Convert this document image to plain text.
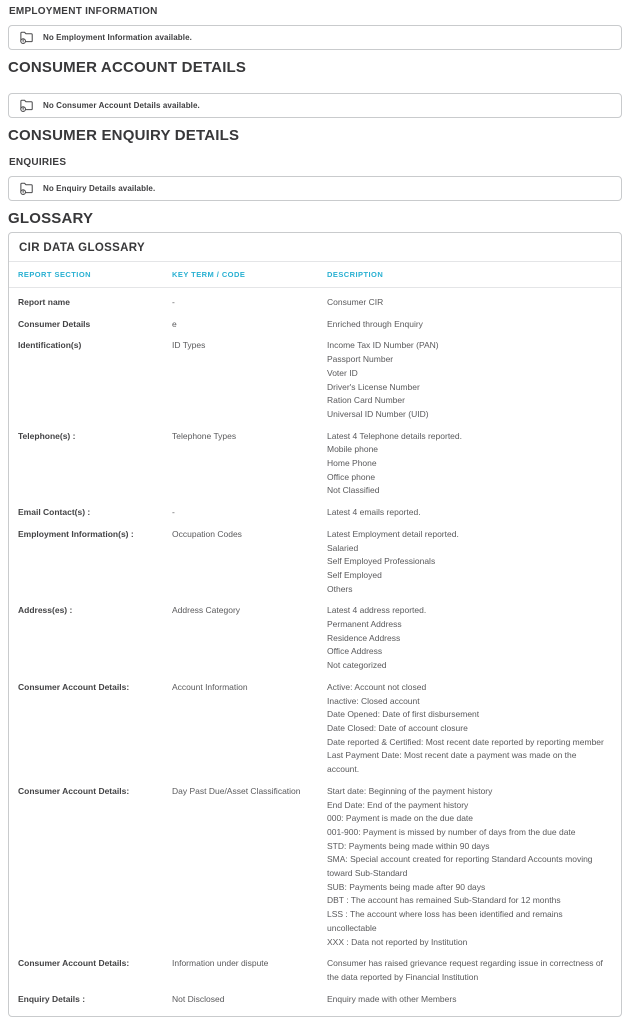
EMPLOYMENT INFORMATION
No Employment Information available.
CONSUMER ACCOUNT DETAILS
No Consumer Account Details available.
CONSUMER ENQUIRY DETAILS
ENQUIRIES
No Enquiry Details available.
GLOSSARY
CIR DATA GLOSSARY
REPORT SECTION	KEY TERM / CODE	DESCRIPTION
Report name	-	Consumer CIR
Consumer Details	e	Enriched through Enquiry
Identification(s)	ID Types	Income Tax ID Number (PAN)
Passport Number
Voter ID
Driver's License Number
Ration Card Number
Universal ID Number (UID)
Telephone(s) :	Telephone Types	Latest 4 Telephone details reported.
Mobile phone
Home Phone
Office phone
Not Classified
Email Contact(s) :	-	Latest 4 emails reported.
Employment Information(s) :	Occupation Codes	Latest Employment detail reported.
Salaried
Self Employed Professionals
Self Employed
Others
Address(es) :	Address Category	Latest 4 address reported.
Permanent Address
Residence Address
Office Address
Not categorized
Consumer Account Details:	Account Information	Active: Account not closed
Inactive: Closed account
Date Opened: Date of first disbursement
Date Closed: Date of account closure
Date reported & Certified: Most recent date reported by reporting member
Last Payment Date: Most recent date a payment was made on the account.
Consumer Account Details:	Day Past Due/Asset Classification	Start date: Beginning of the payment history
End Date: End of the payment history
000: Payment is made on the due date
001-900: Payment is missed by number of days from the due date
STD: Payments being made within 90 days
SMA: Special account created for reporting Standard Accounts moving toward Sub-Standard
SUB: Payments being made after 90 days
DBT : The account has remained Sub-Standard for 12 months
LSS : The account where loss has been identified and remains uncollectable
XXX : Data not reported by Institution
Consumer Account Details:	Information under dispute	Consumer has raised grievance request regarding issue in correctness of the data reported by Financial Institution
Enquiry Details :	Not Disclosed	Enquiry made with other Members
